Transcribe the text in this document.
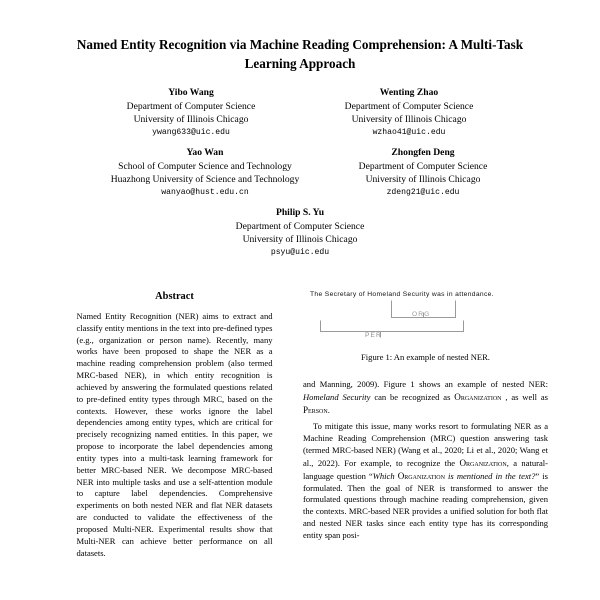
Named Entity Recognition via Machine Reading Comprehension: A Multi-Task Learning Approach
Yibo Wang
Department of Computer Science
University of Illinois Chicago
ywang633@uic.edu
Wenting Zhao
Department of Computer Science
University of Illinois Chicago
wzhao41@uic.edu
Yao Wan
School of Computer Science and Technology
Huazhong University of Science and Technology
wanyao@hust.edu.cn
Zhongfen Deng
Department of Computer Science
University of Illinois Chicago
zdeng21@uic.edu
Philip S. Yu
Department of Computer Science
University of Illinois Chicago
psyu@uic.edu
Abstract

Named Entity Recognition (NER) aims to extract and classify entity mentions in the text into pre-defined types (e.g., organization or person name). Recently, many works have been proposed to shape the NER as a machine reading comprehension problem (also termed MRC-based NER), in which entity recognition is achieved by answering the formulated questions related to pre-defined entity types through MRC, based on the contexts. However, these works ignore the label dependencies among entity types, which are critical for precisely recognizing named entities. In this paper, we propose to incorporate the label dependencies among entity types into a multi-task learning framework for better MRC-based NER. We decompose MRC-based NER into multiple tasks and use a self-attention module to capture label dependencies. Comprehensive experiments on both nested NER and flat NER datasets are conducted to validate the effectiveness of the proposed Multi-NER. Experimental results show that Multi-NER can achieve better performance on all datasets.

The Secretary of Homeland Security was in attendance.
ORG
PER
Figure 1: An example of nested NER.

and Manning, 2009). Figure 1 shows an example of nested NER: Homeland Security can be recognized as Organization , as well as Person.

To mitigate this issue, many works resort to formulating NER as a Machine Reading Comprehension (MRC) question answering task (termed MRC-based NER) (Wang et al., 2020; Li et al., 2020; Wang et al., 2022). For example, to recognize the Organization, a natural-language question “Which Organization is mentioned in the text?” is formulated. Then the goal of NER is transformed to answer the formulated questions through machine reading comprehension, given the contexts. MRC-based NER provides a unified solution for both flat and nested NER tasks since each entity type has its corresponding entity span posi-
